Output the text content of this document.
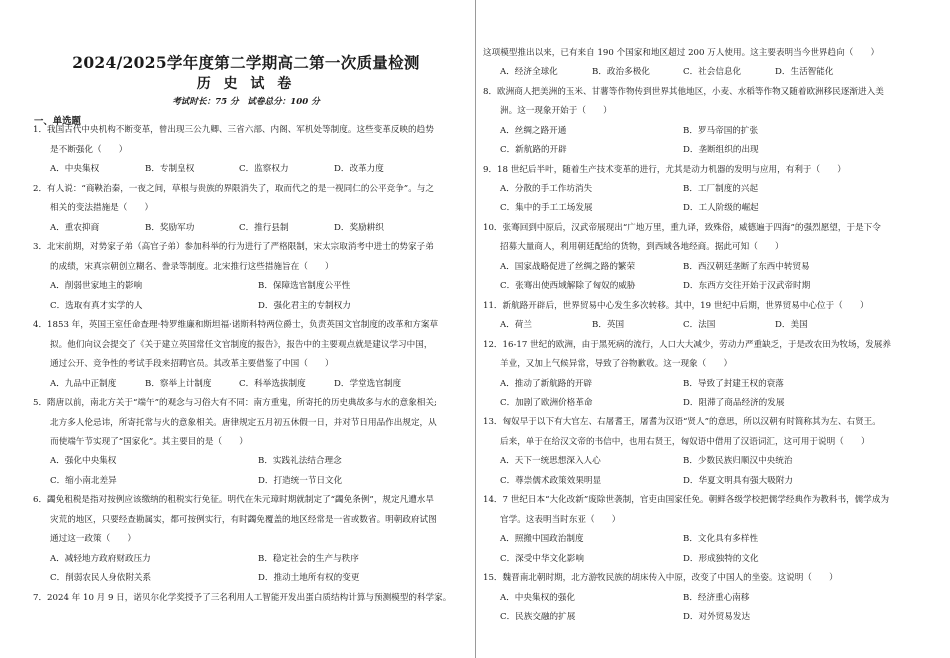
2024/2025学年度第二学期高二第一次质量检测
历 史 试 卷
考试时长：75 分　试卷总分：100 分
一、单选题
1．我国古代中央机构不断变革，曾出现三公九卿、三省六部、内阁、军机处等制度。这些变革反映的趋势
是不断强化（　　）
2．有人说：“商鞅治秦，一夜之间，草根与贵族的界限消失了，取而代之的是一视同仁的公平竞争”。与之
相关的变法措施是（　　）
3．北宋前期，对势家子弟（高官子弟）参加科举的行为进行了严格限制，宋太宗取消考中进士的势家子弟
的成绩，宋真宗朝创立糊名、誊录等制度。北宋推行这些措施旨在（　　）
4．1853 年，英国王室任命查理·特罗维廉和斯坦福·诺斯科特两位爵士，负责英国文官制度的改革和方案草
拟。他们向议会提交了《关于建立英国常任文官制度的报告》，报告中的主要观点就是建议学习中国，
通过公开、竞争性的考试手段来招聘官员。其改革主要借鉴了中国（　　）
5．隋唐以前，南北方关于“端午”的观念与习俗大有不同：南方重鬼，所寄托的历史典故多与水的意象相关;
北方多人伦忌讳，所寄托常与火的意象相关。唐律规定五月初五休假一日，并对节日用品作出规定，从
而使端午节实现了“国家化”。其主要目的是（　　）
6．蠲免租税是指对按例应该缴纳的租税实行免征。明代在朱元璋时期就制定了“蠲免条例”，规定凡遭水旱
灾荒的地区，只要经查勘属实，都可按例实行，有时蠲免覆盖的地区经常是一省或数省。明朝政府试图
通过这一政策（　　）
7．2024 年 10 月 9 日，诺贝尔化学奖授予了三名利用人工智能开发出蛋白质结构计算与预测模型的科学家。
A．中央集权	B．专制皇权	C．监察权力	D．改革力度
A．重农抑商	B．奖励军功	C．推行县制	D．奖励耕织
A．削弱世家地主的影响	B．保障选官制度公平性
C．选取有真才实学的人	D．强化君主的专制权力
A．九品中正制度	B．察举上计制度	C．科举选拔制度	D．学堂选官制度
A．强化中央集权	B．实践礼法结合理念
C．缩小南北差异	D．打造统一节日文化
A．减轻地方政府财政压力	B．稳定社会的生产与秩序
C．削弱农民人身依附关系	D．推动土地所有权的变更
这项模型推出以来，已有来自 190 个国家和地区超过 200 万人使用。这主要表明当今世界趋向（　　）
8．欧洲商人把美洲的玉米、甘薯等作物传到世界其他地区，小麦、水稻等作物又随着欧洲移民逐渐进入美
洲。这一现象开始于（　　）
9．18 世纪后半叶，随着生产技术变革的进行，尤其是动力机器的发明与应用，有利于（　　）
10．张骞回到中原后，汉武帝展现出“广地万里，重九译，致殊俗，威德遍于四海”的强烈愿望，于是下令
招募大量商人，利用朝廷配给的货物，到西域各地经商。据此可知（　　）
11．新航路开辟后，世界贸易中心发生多次转移。其中，19 世纪中后期，世界贸易中心位于（　　）
12．16-17 世纪的欧洲，由于黑死病的流行，人口大大减少，劳动力严重缺乏，于是改农田为牧场，发展养
羊业，又加上气候异常，导致了谷物歉收。这一现象（　　）
13．匈奴早于以下有大官左、右屠耆王，屠耆为汉语“贤人”的意思，所以汉朝有时简称其为左、右贤王。
后来，单于在给汉文帝的书信中，也用右贤王，匈奴语中借用了汉语词汇，这可用于说明（　　）
14．7 世纪日本“大化改新”废除世袭制，官吏由国家任免。朝鲜各级学校把儒学经典作为教科书，儒学成为
官学。这表明当时东亚（　　）
15．魏晋南北朝时期，北方游牧民族的胡床传入中原，改变了中国人的坐姿。这说明（　　）
A．经济全球化	B．政治多极化	C．社会信息化	D．生活智能化
A．丝绸之路开通	B．罗马帝国的扩张
C．新航路的开辟	D．垄断组织的出现
A．分散的手工作坊消失	B．工厂制度的兴起
C．集中的手工工场发展	D．工人阶级的崛起
A．国家战略促进了丝绸之路的繁荣	B．西汉朝廷垄断了东西中转贸易
C．张骞出使西域解除了匈奴的威胁	D．东西方交往开始于汉武帝时期
A．荷兰	B．英国	C．法国	D．美国
A．推动了新航路的开辟	B．导致了封建王权的衰落
C．加剧了欧洲价格革命	D．阻滞了商品经济的发展
A．天下一统思想深入人心	B．少数民族归顺汉中央统治
C．尊崇儒术政策效果明显	D．华夏文明具有强大吸附力
A．照搬中国政治制度	B．文化具有多样性
C．深受中华文化影响	D．形成独特的文化
A．中央集权的强化	B．经济重心南移
C．民族交融的扩展	D．对外贸易发达
